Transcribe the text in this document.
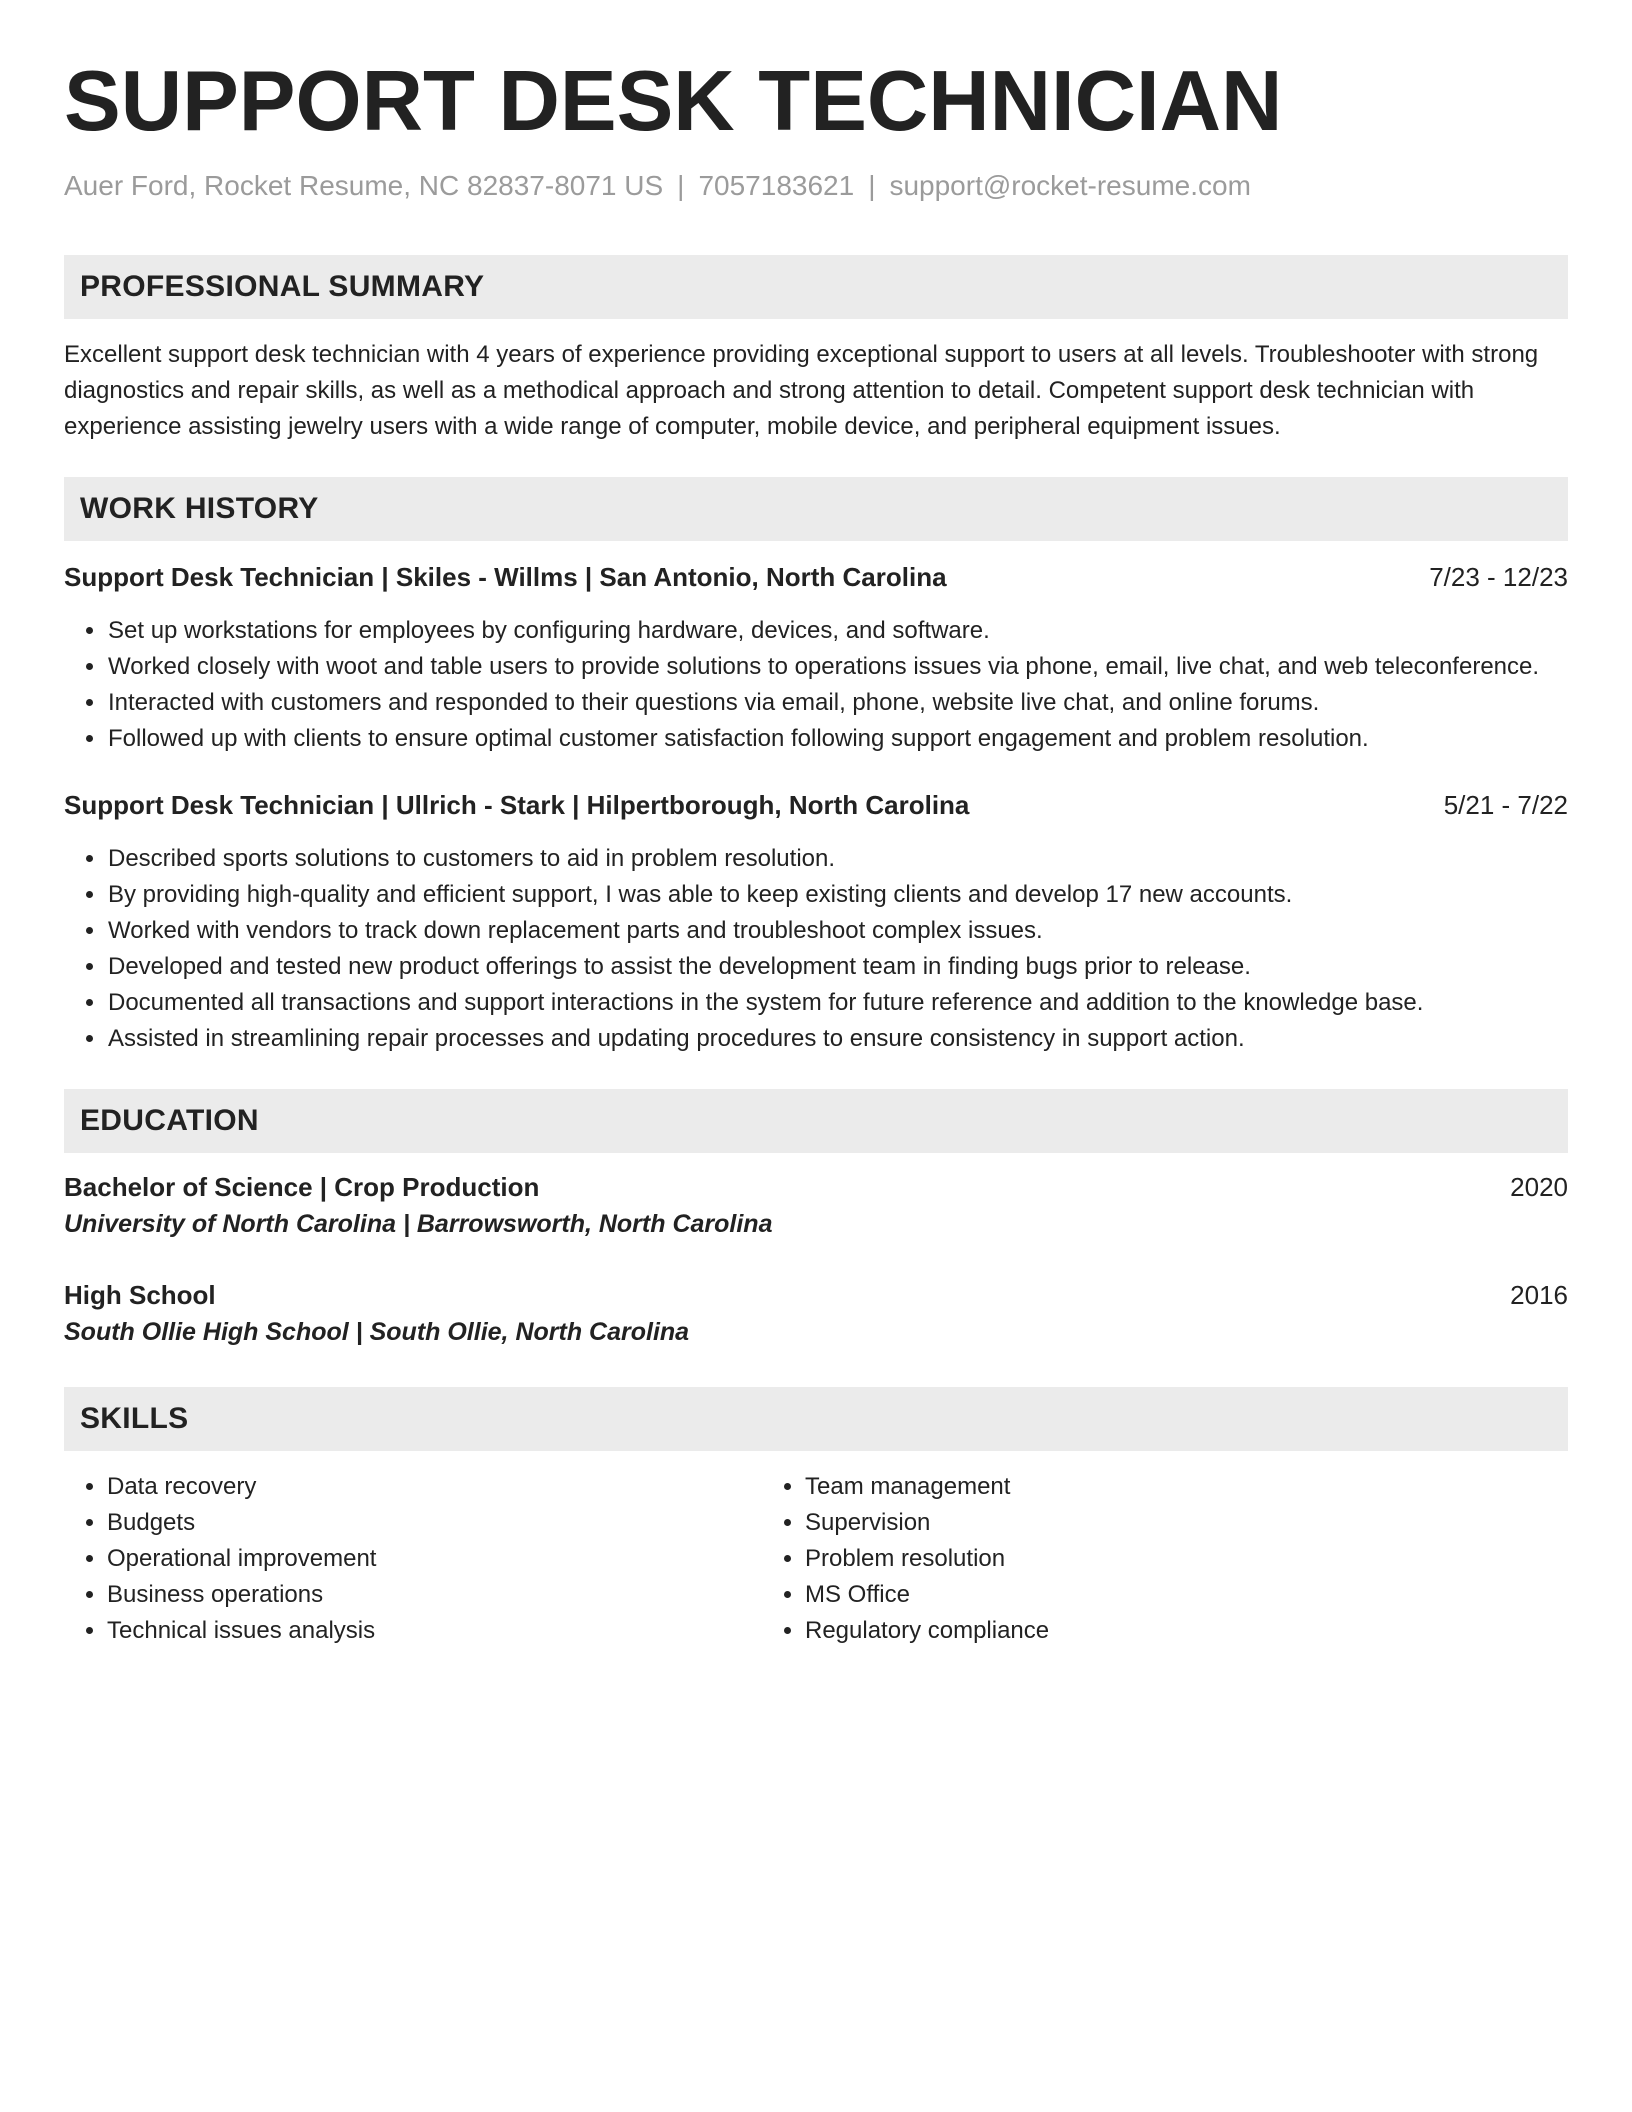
SUPPORT DESK TECHNICIAN
Auer Ford, Rocket Resume, NC 82837-8071 US | 7057183621 | support@rocket-resume.com
PROFESSIONAL SUMMARY

Excellent support desk technician with 4 years of experience providing exceptional support to users at all levels. Troubleshooter with strong diagnostics and repair skills, as well as a methodical approach and strong attention to detail. Competent support desk technician with experience assisting jewelry users with a wide range of computer, mobile device, and peripheral equipment issues.

WORK HISTORY
Support Desk Technician | Skiles - Willms | San Antonio, North Carolina	7/23 - 12/23
• Set up workstations for employees by configuring hardware, devices, and software.
• Worked closely with woot and table users to provide solutions to operations issues via phone, email, live chat, and web teleconference.
• Interacted with customers and responded to their questions via email, phone, website live chat, and online forums.
• Followed up with clients to ensure optimal customer satisfaction following support engagement and problem resolution.
Support Desk Technician | Ullrich - Stark | Hilpertborough, North Carolina	5/21 - 7/22
• Described sports solutions to customers to aid in problem resolution.
• By providing high-quality and efficient support, I was able to keep existing clients and develop 17 new accounts.
• Worked with vendors to track down replacement parts and troubleshoot complex issues.
• Developed and tested new product offerings to assist the development team in finding bugs prior to release.
• Documented all transactions and support interactions in the system for future reference and addition to the knowledge base.
• Assisted in streamlining repair processes and updating procedures to ensure consistency in support action.
EDUCATION
Bachelor of Science | Crop Production	2020
University of North Carolina | Barrowsworth, North Carolina
High School	2016
South Ollie High School | South Ollie, North Carolina
SKILLS
• Data recovery
• Budgets
• Operational improvement
• Business operations
• Technical issues analysis
• Team management
• Supervision
• Problem resolution
• MS Office
• Regulatory compliance
